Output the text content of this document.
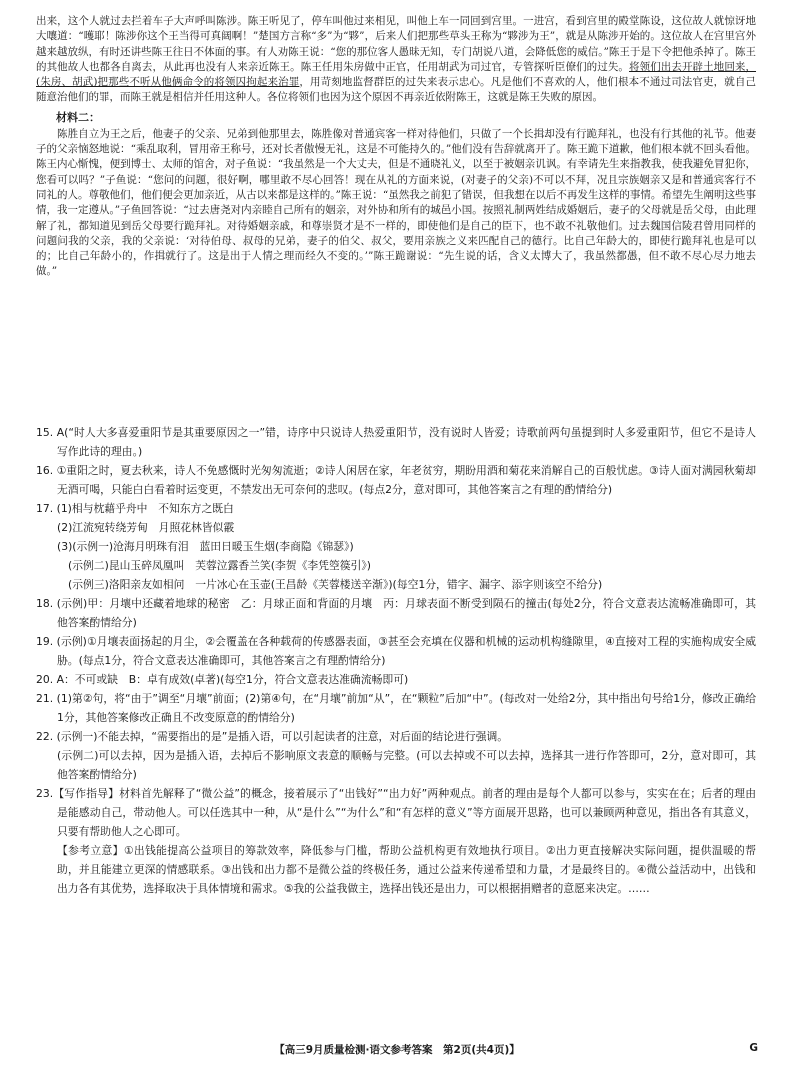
出来，这个人就过去拦着车子大声呼叫陈涉。陈王听见了，停车叫他过来相见，叫他上车一同回到宫里。一进宫，看到宫里的殿堂陈设，这位故人就惊讶地大嚷道：“嚄耶！陈涉你这个王当得可真阔啊！”楚国方言称“多”为“夥”，后来人们把那些草头王称为“夥涉为王”，就是从陈涉开始的。这位故人在宫里宫外越来越放纵，有时还讲些陈王往日不体面的事。有人劝陈王说：“您的那位客人愚昧无知，专门胡说八道，会降低您的威信。”陈王于是下令把他杀掉了。陈王的其他故人也都各自离去，从此再也没有人来亲近陈王。陈王任用朱房做中正官，任用胡武为司过官，专管探听臣僚们的过失。将领们出去开辟土地回来，(朱房、胡武)把那些不听从他俩命令的将领囚拘起来治罪，用苛刻地监督群臣的过失来表示忠心。凡是他们不喜欢的人，他们根本不通过司法官吏，就自己随意治他们的罪，而陈王就是相信并任用这种人。各位将领们也因为这个原因不再亲近依附陈王，这就是陈王失败的原因。

材料二：

陈胜自立为王之后，他妻子的父亲、兄弟到他那里去，陈胜像对普通宾客一样对待他们，只做了一个长揖却没有行跪拜礼，也没有行其他的礼节。他妻子的父亲恼怒地说：“乘乱取利，冒用帝王称号，还对长者傲慢无礼，这是不可能持久的。”他们没有告辞就离开了。陈王跪下道歉，他们根本就不回头看他。陈王内心惭愧，便到博士、太师的馆舍，对子鱼说：“我虽然是一个大丈夫，但是不通晓礼义，以至于被姻亲讥讽。有幸请先生来指教我，使我避免冒犯你，您看可以吗？”子鱼说：“您问的问题，很好啊，哪里敢不尽心回答！现在从礼的方面来说，(对妻子的父亲)不可以不拜，况且宗族姻亲又是和普通宾客行不同礼的人。尊敬他们，他们便会更加亲近，从古以来都是这样的。”陈王说：“虽然我之前犯了错误，但我想在以后不再发生这样的事情。希望先生阐明这些事情，我一定遵从。”子鱼回答说：“过去唐尧对内亲睦自己所有的姻亲，对外协和所有的城邑小国。按照礼制两姓结成婚姻后，妻子的父母就是岳父母，由此理解了礼，都知道见到岳父母要行跪拜礼。对待婚姻亲戚，和尊崇贤才是不一样的，即使他们是自己的臣下，也不敢不礼敬他们。过去魏国信陵君曾用同样的问题问我的父亲，我的父亲说：‘对待伯母、叔母的兄弟，妻子的伯父、叔父，要用亲族之义来匹配自己的德行。比自己年龄大的，即使行跪拜礼也是可以的；比自己年龄小的，作揖就行了。这是出于人情之理而经久不变的。’”陈王跪谢说：“先生说的话，含义太博大了，我虽然都愚，但不敢不尽心尽力地去做。”

15. A(“时人大多喜爱重阳节是其重要原因之一”错，诗序中只说诗人热爱重阳节，没有说时人皆爱；诗歌前两句虽提到时人多爱重阳节，但它不是诗人写作此诗的理由。)

16. ①重阳之时，夏去秋来，诗人不免感慨时光匆匆流逝；②诗人闲居在家，年老贫穷，期盼用酒和菊花来消解自己的百般忧虑。③诗人面对满园秋菊却无酒可喝，只能白白看着时运变更，不禁发出无可奈何的悲叹。(每点2分，意对即可，其他答案言之有理的酌情给分)

17. (1)相与枕藉乎舟中　不知东方之既白

(2)江流宛转绕芳甸　月照花林皆似霰

(3)(示例一)沧海月明珠有泪　蓝田日暖玉生烟(李商隐《锦瑟》)

(示例二)昆山玉碎凤凰叫　芙蓉泣露香兰笑(李贺《李凭箜篌引》)

(示例三)洛阳亲友如相问　一片冰心在玉壶(王昌龄《芙蓉楼送辛渐》)(每空1分，错字、漏字、添字则该空不给分)

18. (示例)甲：月壤中还藏着地球的秘密　乙：月球正面和背面的月壤　丙：月球表面不断受到陨石的撞击(每处2分，符合文意表达流畅准确即可，其他答案酌情给分)

19. (示例)①月壤表面扬起的月尘，②会覆盖在各种载荷的传感器表面，③甚至会充填在仪器和机械的运动机构缝隙里，④直接对工程的实施构成安全威胁。(每点1分，符合文意表达准确即可，其他答案言之有理酌情给分)

20. A：不可或缺　B：卓有成效(卓著)(每空1分，符合文意表达准确流畅即可)

21. (1)第②句，将“由于”调至“月壤”前面；(2)第④句，在“月壤”前加“从”，在“颗粒”后加“中”。(每改对一处给2分，其中指出句号给1分，修改正确给1分，其他答案修改正确且不改变原意的酌情给分)

22. (示例一)不能去掉，“需要指出的是”是插入语，可以引起读者的注意，对后面的结论进行强调。

(示例二)可以去掉，因为是插入语，去掉后不影响原文表意的顺畅与完整。(可以去掉或不可以去掉，选择其一进行作答即可，2分，意对即可，其他答案酌情给分)

23.【写作指导】材料首先解释了“微公益”的概念，接着展示了“出钱好”“出力好”两种观点。前者的理由是每个人都可以参与，实实在在；后者的理由是能感动自己，带动他人。可以任选其中一种，从“是什么”“为什么”和“有怎样的意义”等方面展开思路，也可以兼顾两种意见，指出各有其意义，只要有帮助他人之心即可。

【参考立意】①出钱能提高公益项目的筹款效率，降低参与门槛，帮助公益机构更有效地执行项目。②出力更直接解决实际问题，提供温暖的帮助，并且能建立更深的情感联系。③出钱和出力都不是微公益的终极任务，通过公益来传递希望和力量，才是最终目的。④微公益活动中，出钱和出力各有其优势，选择取决于具体情境和需求。⑤我的公益我做主，选择出钱还是出力，可以根据捐赠者的意愿来决定。……

【高三9月质量检测·语文参考答案　第2页(共4页)】	G
